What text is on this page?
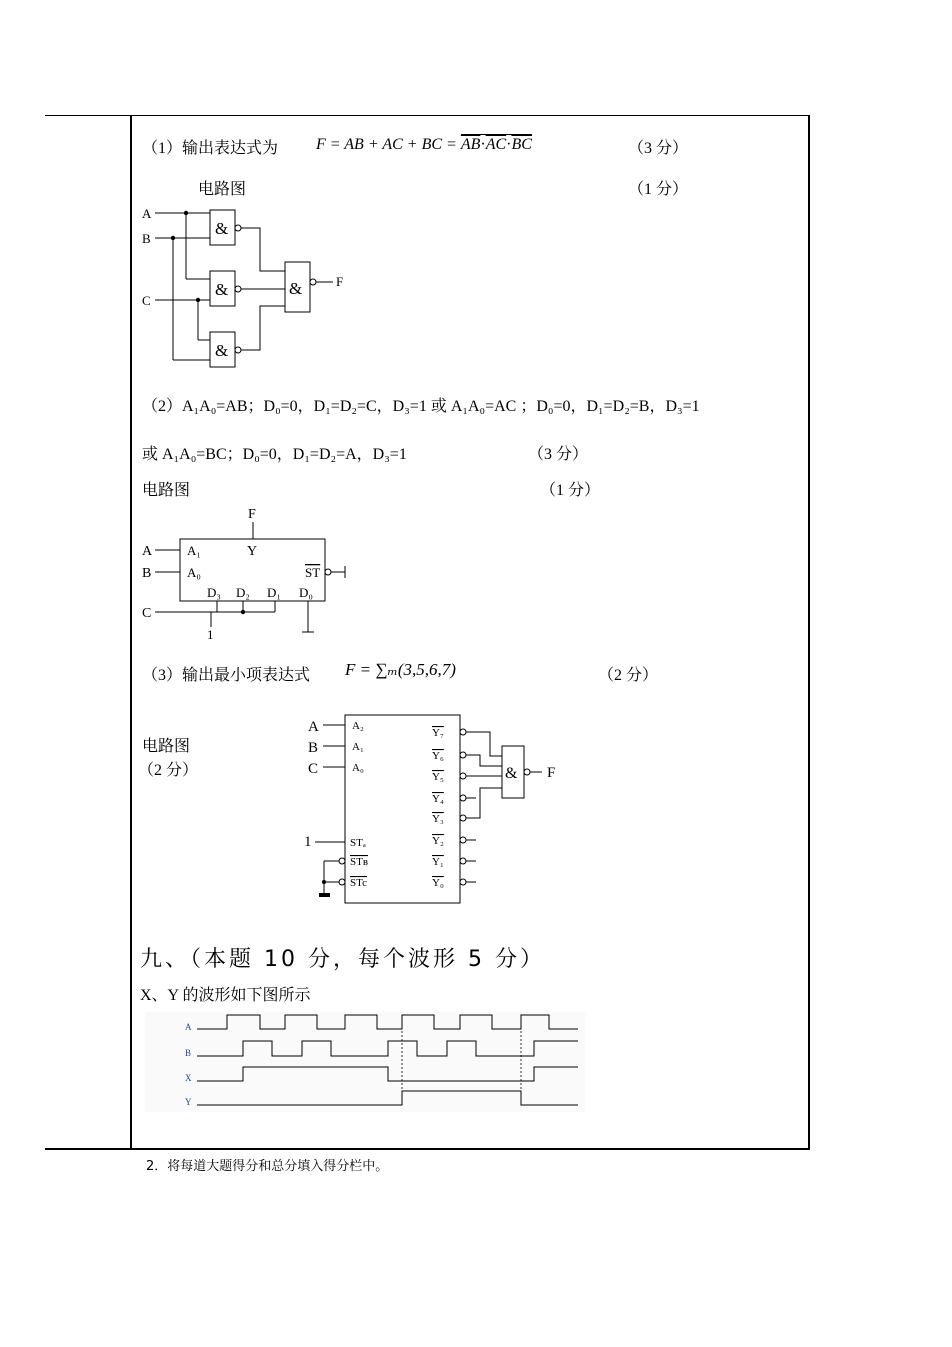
（1）输出表达式为 F = AB + AC + BC = $\overline{AB}\cdot\overline{AC}\cdot\overline{BC}$	（3 分）
电路图	（1 分）
A
B
C
&
&
&
&	F
（2）A₁A₀=AB；D₀=0，D₁=D₂=C，D₃=1 或 A₁A₀=AC ；D₀=0，D₁=D₂=B，D₃=1
或 A₁A₀=BC；D₀=0，D₁=D₂=A，D₃=1	（3 分）
电路图	（1 分）
F
A
B
C
A₁	Y
A₀	ST
D₃ D₂ D₁ D₀
1
（3）输出最小项表达式 F = ∑ₘ(3,5,6,7)	（2 分）
电路图
（2 分）
A
B
C
A₂
A₁
A₀
1	STₐ
STв
STc
Y₇
Y₆
Y₅
Y₄
Y₃
Y₂
Y₁
Y₀
& F
九、（本题 10 分，每个波形 5 分）
X、Y 的波形如下图所示
A
B
X
Y
2．将每道大题得分和总分填入得分栏中。
